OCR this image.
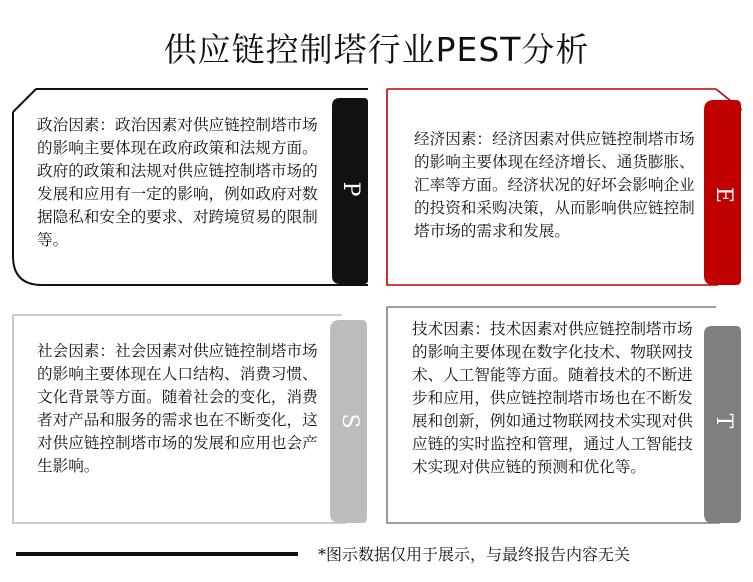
供应链控制塔行业PEST分析
政治因素：政治因素对供应链控制塔市场的影响主要体现在政府政策和法规方面。政府的政策和法规对供应链控制塔市场的发展和应用有一定的影响，例如政府对数据隐私和安全的要求、对跨境贸易的限制等。
P
经济因素：经济因素对供应链控制塔市场的影响主要体现在经济增长、通货膨胀、汇率等方面。经济状况的好坏会影响企业的投资和采购决策，从而影响供应链控制塔市场的需求和发展。
E
社会因素：社会因素对供应链控制塔市场的影响主要体现在人口结构、消费习惯、文化背景等方面。随着社会的变化，消费者对产品和服务的需求也在不断变化，这对供应链控制塔市场的发展和应用也会产生影响。
S
技术因素：技术因素对供应链控制塔市场的影响主要体现在数字化技术、物联网技术、人工智能等方面。随着技术的不断进步和应用，供应链控制塔市场也在不断发展和创新，例如通过物联网技术实现对供应链的实时监控和管理，通过人工智能技术实现对供应链的预测和优化等。
T
*图示数据仅用于展示，与最终报告内容无关
